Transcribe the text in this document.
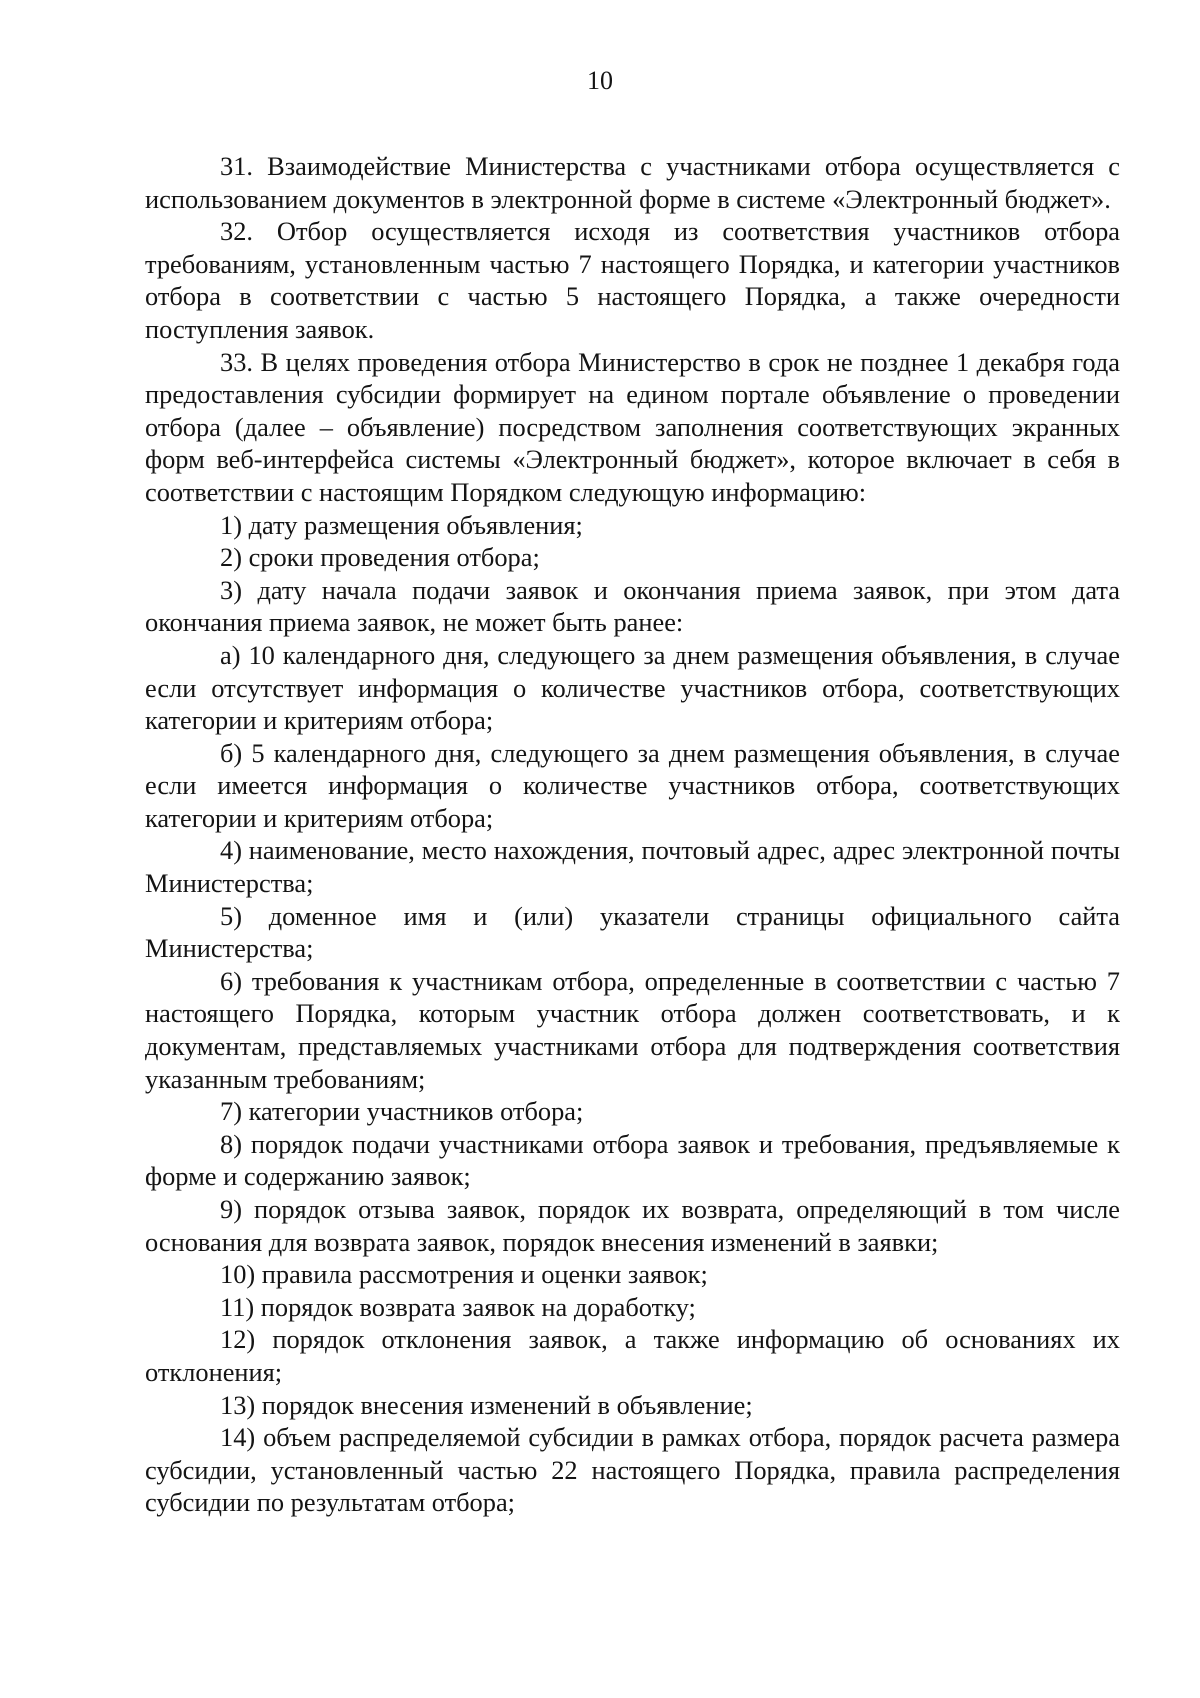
10

31. Взаимодействие Министерства с участниками отбора осуществляется с использованием документов в электронной форме в системе «Электронный бюджет».

32. Отбор осуществляется исходя из соответствия участников отбора требованиям, установленным частью 7 настоящего Порядка, и категории участников отбора в соответствии с частью 5 настоящего Порядка, а также очередности поступления заявок.

33. В целях проведения отбора Министерство в срок не позднее 1 декабря года предоставления субсидии формирует на едином портале объявление о проведении отбора (далее – объявление) посредством заполнения соответствующих экранных форм веб-интерфейса системы «Электронный бюджет», которое включает в себя в соответствии с настоящим Порядком следующую информацию:

1) дату размещения объявления;

2) сроки проведения отбора;

3) дату начала подачи заявок и окончания приема заявок, при этом дата окончания приема заявок, не может быть ранее:

а) 10 календарного дня, следующего за днем размещения объявления, в случае если отсутствует информация о количестве участников отбора, соответствующих категории и критериям отбора;

б) 5 календарного дня, следующего за днем размещения объявления, в случае если имеется информация о количестве участников отбора, соответствующих категории и критериям отбора;

4) наименование, место нахождения, почтовый адрес, адрес электронной почты Министерства;

5) доменное имя и (или) указатели страницы официального сайта Министерства;

6) требования к участникам отбора, определенные в соответствии с частью 7 настоящего Порядка, которым участник отбора должен соответствовать, и к документам, представляемых участниками отбора для подтверждения соответствия указанным требованиям;

7) категории участников отбора;

8) порядок подачи участниками отбора заявок и требования, предъявляемые к форме и содержанию заявок;

9) порядок отзыва заявок, порядок их возврата, определяющий в том числе основания для возврата заявок, порядок внесения изменений в заявки;

10) правила рассмотрения и оценки заявок;

11) порядок возврата заявок на доработку;

12) порядок отклонения заявок, а также информацию об основаниях их отклонения;

13) порядок внесения изменений в объявление;

14) объем распределяемой субсидии в рамках отбора, порядок расчета размера субсидии, установленный частью 22 настоящего Порядка, правила распределения субсидии по результатам отбора;
